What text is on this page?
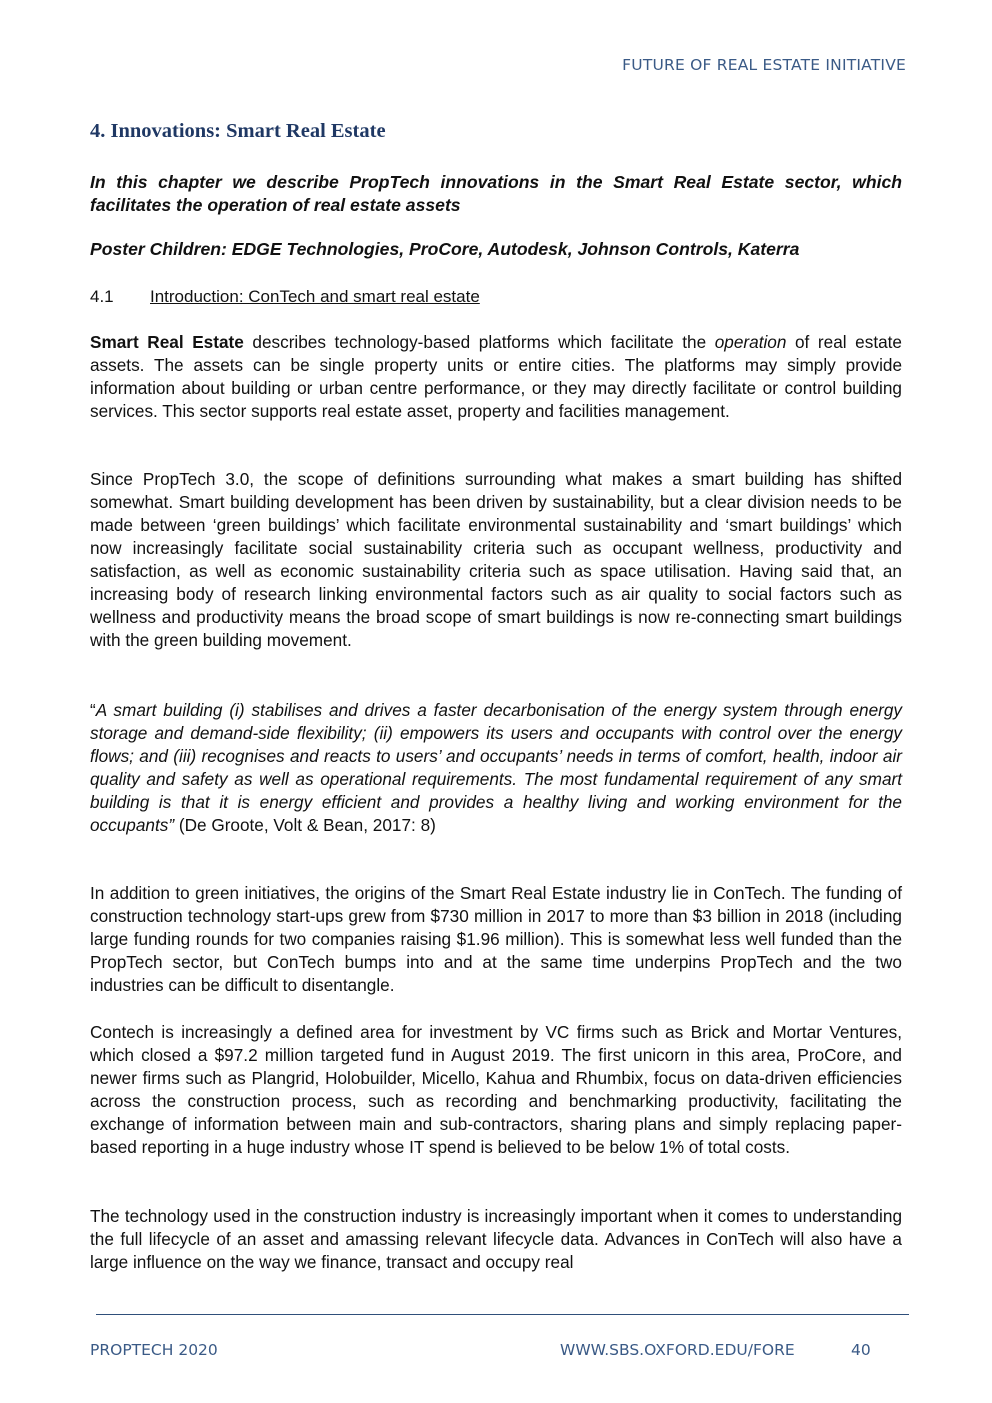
FUTURE OF REAL ESTATE INITIATIVE
4. Innovations: Smart Real Estate

In this chapter we describe PropTech innovations in the Smart Real Estate sector, which facilitates the operation of real estate assets

Poster Children: EDGE Technologies, ProCore, Autodesk, Johnson Controls, Katerra

4.1 Introduction: ConTech and smart real estate

Smart Real Estate describes technology-based platforms which facilitate the operation of real estate assets. The assets can be single property units or entire cities. The platforms may simply provide information about building or urban centre performance, or they may directly facilitate or control building services. This sector supports real estate asset, property and facilities management.

Since PropTech 3.0, the scope of definitions surrounding what makes a smart building has shifted somewhat. Smart building development has been driven by sustainability, but a clear division needs to be made between ‘green buildings’ which facilitate environmental sustainability and ‘smart buildings’ which now increasingly facilitate social sustainability criteria such as occupant wellness, productivity and satisfaction, as well as economic sustainability criteria such as space utilisation. Having said that, an increasing body of research linking environmental factors such as air quality to social factors such as wellness and productivity means the broad scope of smart buildings is now re-connecting smart buildings with the green building movement.

“A smart building (i) stabilises and drives a faster decarbonisation of the energy system through energy storage and demand-side flexibility; (ii) empowers its users and occupants with control over the energy flows; and (iii) recognises and reacts to users’ and occupants’ needs in terms of comfort, health, indoor air quality and safety as well as operational requirements. The most fundamental requirement of any smart building is that it is energy efficient and provides a healthy living and working environment for the occupants” (De Groote, Volt & Bean, 2017: 8)

In addition to green initiatives, the origins of the Smart Real Estate industry lie in ConTech. The funding of construction technology start-ups grew from $730 million in 2017 to more than $3 billion in 2018 (including large funding rounds for two companies raising $1.96 million). This is somewhat less well funded than the PropTech sector, but ConTech bumps into and at the same time underpins PropTech and the two industries can be difficult to disentangle.

Contech is increasingly a defined area for investment by VC firms such as Brick and Mortar Ventures, which closed a $97.2 million targeted fund in August 2019. The first unicorn in this area, ProCore, and newer firms such as Plangrid, Holobuilder, Micello, Kahua and Rhumbix, focus on data-driven efficiencies across the construction process, such as recording and benchmarking productivity, facilitating the exchange of information between main and sub-contractors, sharing plans and simply replacing paper-based reporting in a huge industry whose IT spend is believed to be below 1% of total costs.

The technology used in the construction industry is increasingly important when it comes to understanding the full lifecycle of an asset and amassing relevant lifecycle data. Advances in ConTech will also have a large influence on the way we finance, transact and occupy real

PROPTECH 2020	WWW.SBS.OXFORD.EDU/FORE	40
